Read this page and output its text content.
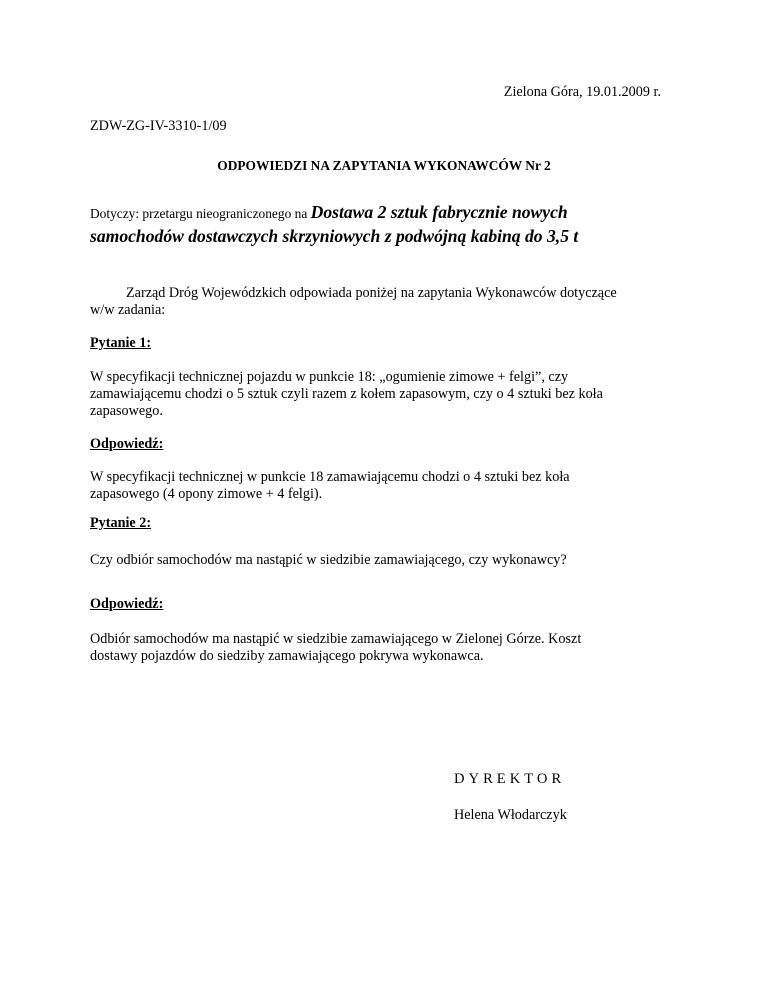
Zielona Góra, 19.01.2009 r.
ZDW-ZG-IV-3310-1/09
ODPOWIEDZI NA ZAPYTANIA WYKONAWCÓW Nr 2
Dotyczy: przetargu nieograniczonego na Dostawa 2 sztuk fabrycznie nowych
samochodów dostawczych skrzyniowych z podwójną kabiną do 3,5 t
Zarząd Dróg Wojewódzkich odpowiada poniżej na zapytania Wykonawców dotyczące
w/w zadania:
Pytanie 1:
W specyfikacji technicznej pojazdu w punkcie 18: „ogumienie zimowe + felgi”, czy
zamawiającemu chodzi o 5 sztuk czyli razem z kołem zapasowym, czy o 4 sztuki bez koła
zapasowego.
Odpowiedź:
W specyfikacji technicznej w punkcie 18 zamawiającemu chodzi o 4 sztuki bez koła
zapasowego (4 opony zimowe + 4 felgi).
Pytanie 2:
Czy odbiór samochodów ma nastąpić w siedzibie zamawiającego, czy wykonawcy?
Odpowiedź:
Odbiór samochodów ma nastąpić w siedzibie zamawiającego w Zielonej Górze. Koszt
dostawy pojazdów do siedziby zamawiającego pokrywa wykonawca.
DYREKTOR
Helena Włodarczyk
